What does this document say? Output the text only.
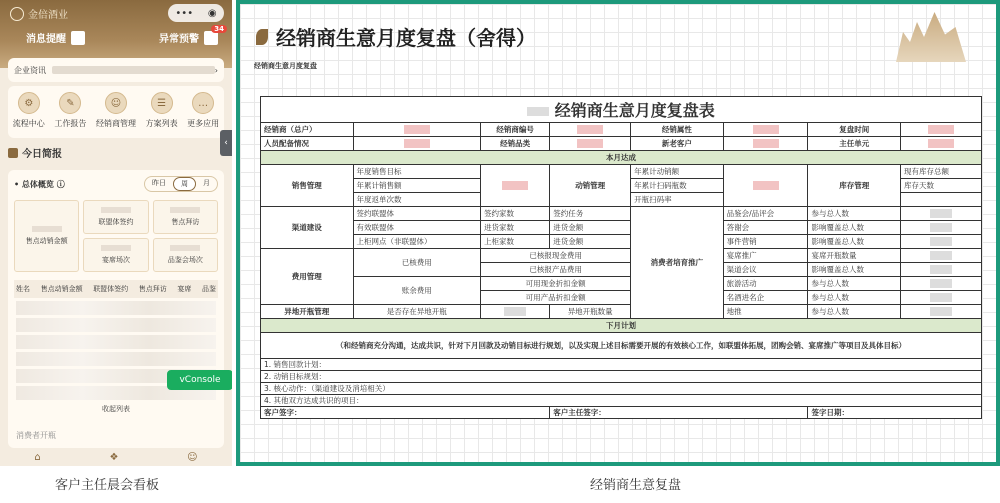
金倍酒业	••• ◉
消息提醒	异常预警
34
企业资讯	›
⚙
流程中心
✎
工作报告
☺
经销商管理
☰
方案列表
…
更多应用
今日简报
• 总体概览 ⓘ	昨日	周	月
售点动销金额
联盟体签约	售点拜访
宴席场次	品鉴会场次
姓名 售点动销金额 联盟体签约 售点拜访 宴席 品鉴
收起列表
vConsole
消费者开瓶
⌂	❖	☺
‹
客户主任晨会看板
经销商生意月度复盘（舍得）
经销商生意月度复盘
经销商生意月度复盘表							
经销商（总户）		经销商编号		经销属性		复盘时间	
人员配备情况		经销品类		新老客户		主任单元	
本月达成							
销售管理	年度销售目标		动销管理	年累计动销额		库存管理	现有库存总额
	年累计销售额			年累计扫码瓶数			库存天数
	年度返单次数			开瓶扫码率			
渠道建设	签约联盟体	签约家数	签约任务	消费者培育推广	品鉴会/品评会	参与总人数	
	有效联盟体	进货家数	进货金额		答谢会	影响覆盖总人数	
	上柜网点（非联盟体）	上柜家数	进货金额		事件营销	影响覆盖总人数	
费用管理	已核费用	已核报现金费用			宴席推广	宴席开瓶数量	
		已核报产品费用			渠道会议	影响覆盖总人数	
	账余费用	可用现金折扣金额			旅游活动	参与总人数	
		可用产品折扣金额			名酒进名企	参与总人数	
异地开瓶管理	是否存在异地开瓶		异地开瓶数量		地推	参与总人数	
下月计划							
（和经销商充分沟通，达成共识，针对下月回款及动销目标进行规划，以及实现上述目标需要开展的有效核心工作，如联盟体拓展，团购会销、宴席推广等项目及具体目标）							
1. 销售回款计划：							
2. 动销目标规划：							
3. 核心动作：（渠道建设及消培相关）							
4. 其他双方达成共识的项目：							
客户签字：			客户主任签字：			签字日期：	
经销商生意复盘
